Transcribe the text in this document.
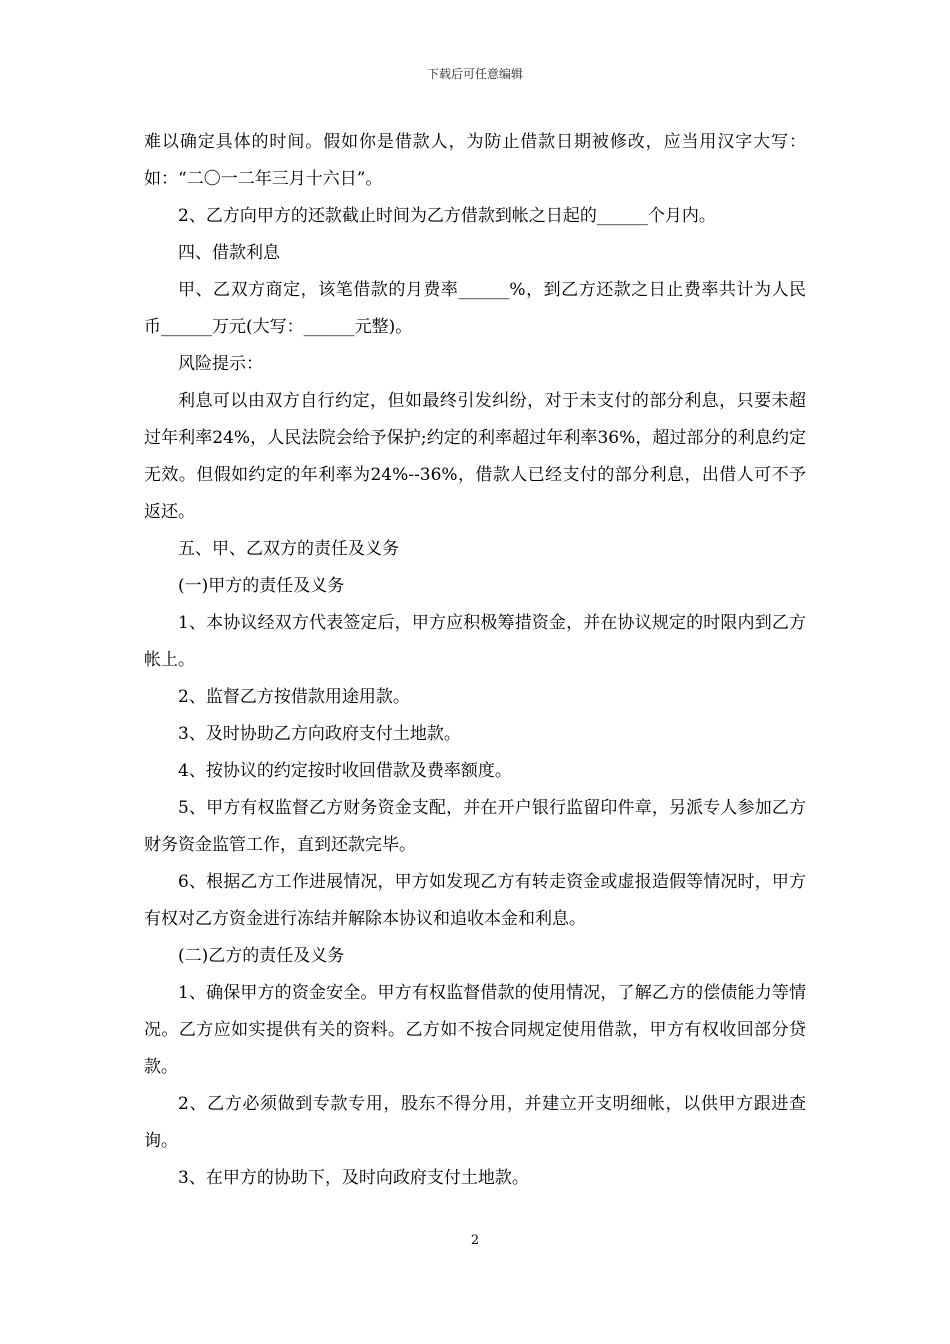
下载后可任意编辑

难以确定具体的时间。假如你是借款人，为防止借款日期被修改，应当用汉字大写：如：“二〇一二年三月十六日”。

2、乙方向甲方的还款截止时间为乙方借款到帐之日起的______个月内。

四、借款利息

甲、乙双方商定，该笔借款的月费率______%，到乙方还款之日止费率共计为人民币______万元(大写：______元整)。

风险提示：

利息可以由双方自行约定，但如最终引发纠纷，对于未支付的部分利息，只要未超过年利率24%，人民法院会给予保护;约定的利率超过年利率36%，超过部分的利息约定无效。但假如约定的年利率为24%--36%，借款人已经支付的部分利息，出借人可不予返还。

五、甲、乙双方的责任及义务

(一)甲方的责任及义务

1、本协议经双方代表签定后，甲方应积极筹措资金，并在协议规定的时限内到乙方帐上。

2、监督乙方按借款用途用款。

3、及时协助乙方向政府支付土地款。

4、按协议的约定按时收回借款及费率额度。

5、甲方有权监督乙方财务资金支配，并在开户银行监留印件章，另派专人参加乙方财务资金监管工作，直到还款完毕。

6、根据乙方工作进展情况，甲方如发现乙方有转走资金或虚报造假等情况时，甲方有权对乙方资金进行冻结并解除本协议和追收本金和利息。

(二)乙方的责任及义务

1、确保甲方的资金安全。甲方有权监督借款的使用情况，了解乙方的偿债能力等情况。乙方应如实提供有关的资料。乙方如不按合同规定使用借款，甲方有权收回部分贷款。

2、乙方必须做到专款专用，股东不得分用，并建立开支明细帐，以供甲方跟进查询。

3、在甲方的协助下，及时向政府支付土地款。

2
